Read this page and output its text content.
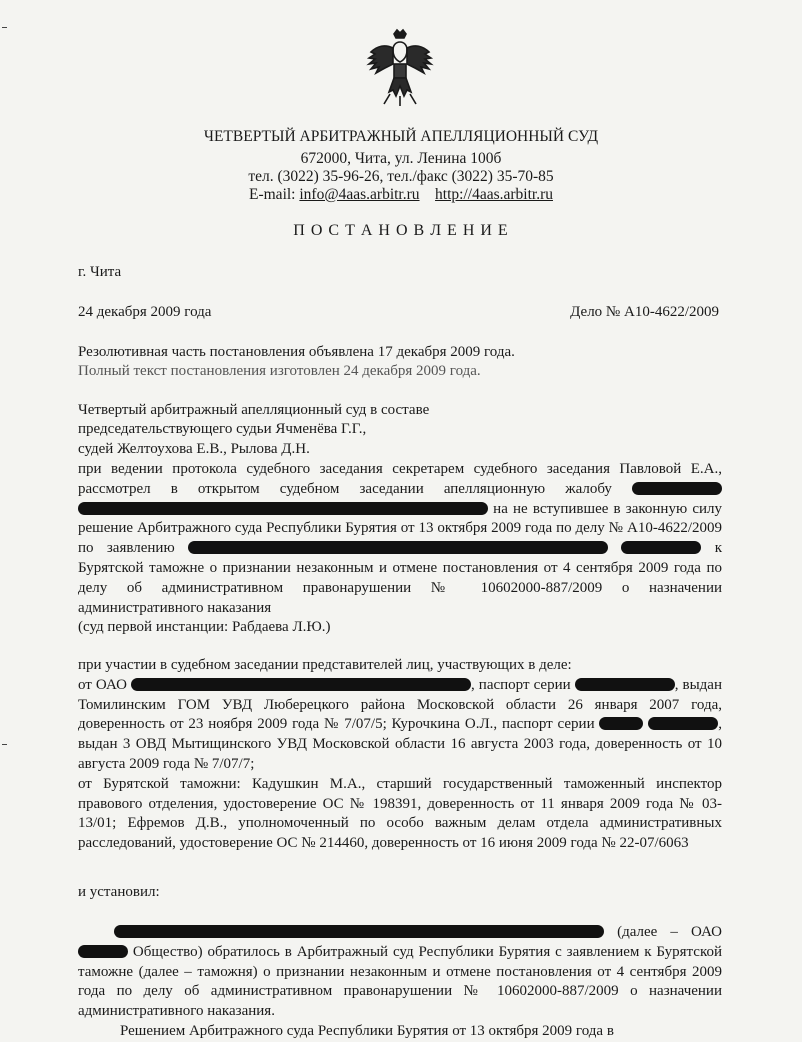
ЧЕТВЕРТЫЙ АРБИТРАЖНЫЙ АПЕЛЛЯЦИОННЫЙ СУД
672000, Чита, ул. Ленина 100б
тел. (3022) 35-96-26, тел./факс (3022) 35-70-85
E-mail: info@4aas.arbitr.ru http://4aas.arbitr.ru
П О С Т А Н О В Л Е Н И Е
г. Чита
24 декабря 2009 года	Дело № А10-4622/2009
Резолютивная часть постановления объявлена 17 декабря 2009 года.
Полный текст постановления изготовлен 24 декабря 2009 года.
Четвертый арбитражный апелляционный суд в составе
председательствующего судьи Ячменёва Г.Г.,
судей Желтоухова Е.В., Рылова Д.Н.

при ведении протокола судебного заседания секретарем судебного заседания Павловой Е.А., рассмотрел в открытом судебном заседании апелляционную жалобу   на не вступившее в законную силу решение Арбитражного суда Республики Бурятия от 13 октября 2009 года по делу № А10-4622/2009 по заявлению	к Бурятской таможне о признании незаконным и отмене постановления от 4 сентября 2009 года по делу об административном правонарушении № 10602000-887/2009 о назначении административного наказания

(суд первой инстанции: Рабдаева Л.Ю.)

при участии в судебном заседании представителей лиц, участвующих в деле:

от ОАО	, паспорт серии	, выдан Томилинским ГОМ УВД Люберецкого района Московской области 26 января 2007 года, доверенность от 23 ноября 2009 года № 7/07/5; Курочкина О.Л., паспорт серии	, выдан 3 ОВД Мытищинского УВД Московской области 16 августа 2003 года, доверенность от 10 августа 2009 года № 7/07/7;

от Бурятской таможни: Кадушкин М.А., старший государственный таможенный инспектор правового отделения, удостоверение ОС № 198391, доверенность от 11 января 2009 года № 03-13/01; Ефремов Д.В., уполномоченный по особо важным делам отдела административных расследований, удостоверение ОС № 214460, доверенность от 16 июня 2009 года № 22-07/6063

и установил:

(далее – ОАО  Общество) обратилось в Арбитражный суд Республики Бурятия с заявлением к Бурятской таможне (далее – таможня) о признании незаконным и отмене постановления от 4 сентября 2009 года по делу об административном правонарушении № 10602000-887/2009 о назначении административного наказания.

Решением Арбитражного суда Республики Бурятия от 13 октября 2009 года в
